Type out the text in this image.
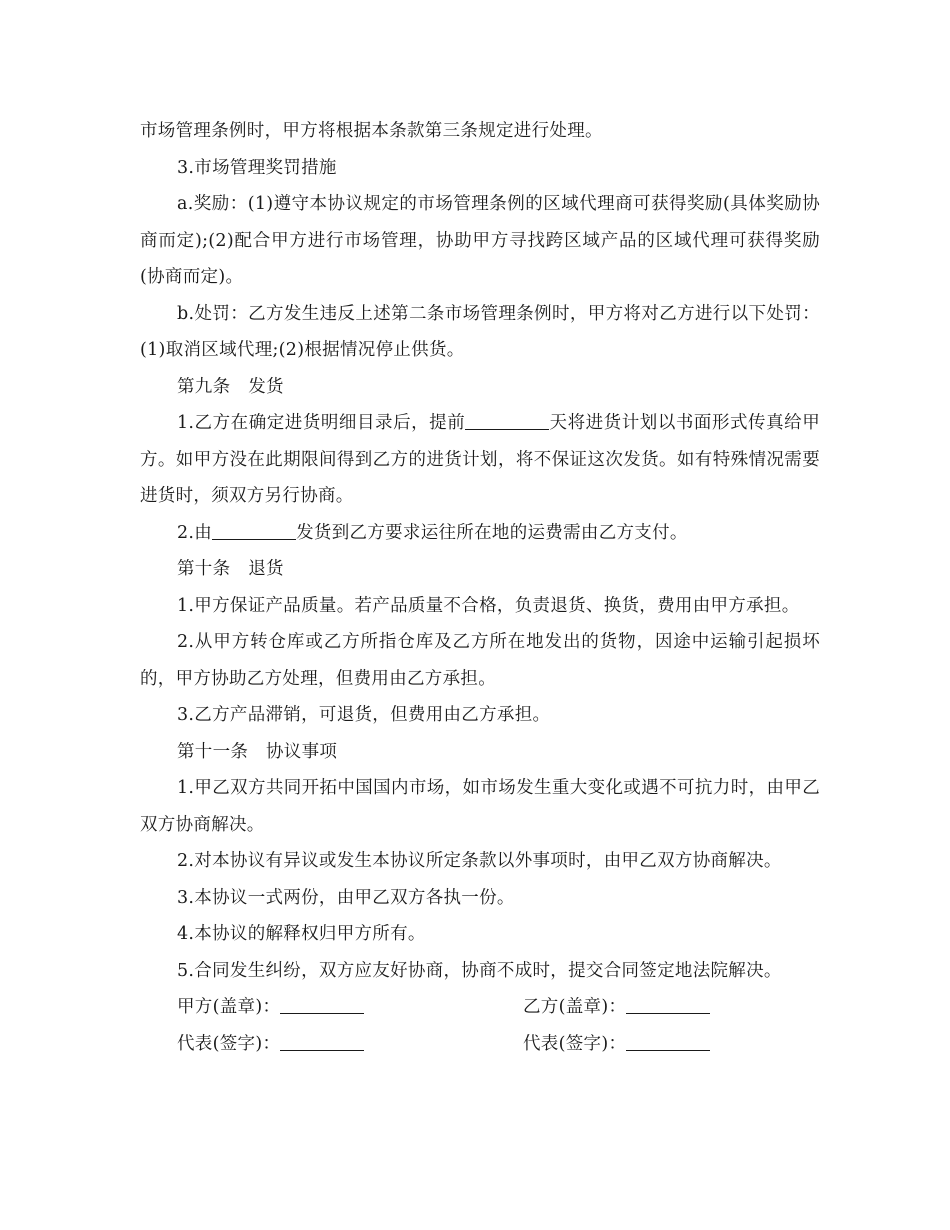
市场管理条例时，甲方将根据本条款第三条规定进行处理。

3.市场管理奖罚措施

a.奖励：(1)遵守本协议规定的市场管理条例的区域代理商可获得奖励(具体奖励协商而定);(2)配合甲方进行市场管理，协助甲方寻找跨区域产品的区域代理可获得奖励(协商而定)。

b.处罚：乙方发生违反上述第二条市场管理条例时，甲方将对乙方进行以下处罚：(1)取消区域代理;(2)根据情况停止供货。

第九条　发货

1.乙方在确定进货明细目录后，提前	天将进货计划以书面形式传真给甲方。如甲方没在此期限间得到乙方的进货计划，将不保证这次发货。如有特殊情况需要进货时，须双方另行协商。

2.由	发货到乙方要求运往所在地的运费需由乙方支付。

第十条　退货

1.甲方保证产品质量。若产品质量不合格，负责退货、换货，费用由甲方承担。

2.从甲方转仓库或乙方所指仓库及乙方所在地发出的货物，因途中运输引起损坏的，甲方协助乙方处理，但费用由乙方承担。

3.乙方产品滞销，可退货，但费用由乙方承担。

第十一条　协议事项

1.甲乙双方共同开拓中国国内市场，如市场发生重大变化或遇不可抗力时，由甲乙双方协商解决。

2.对本协议有异议或发生本协议所定条款以外事项时，由甲乙双方协商解决。

3.本协议一式两份，由甲乙双方各执一份。

4.本协议的解释权归甲方所有。

5.合同发生纠纷，双方应友好协商，协商不成时，提交合同签定地法院解决。

甲方(盖章)：	乙方(盖章)：
代表(签字)：	代表(签字)：
